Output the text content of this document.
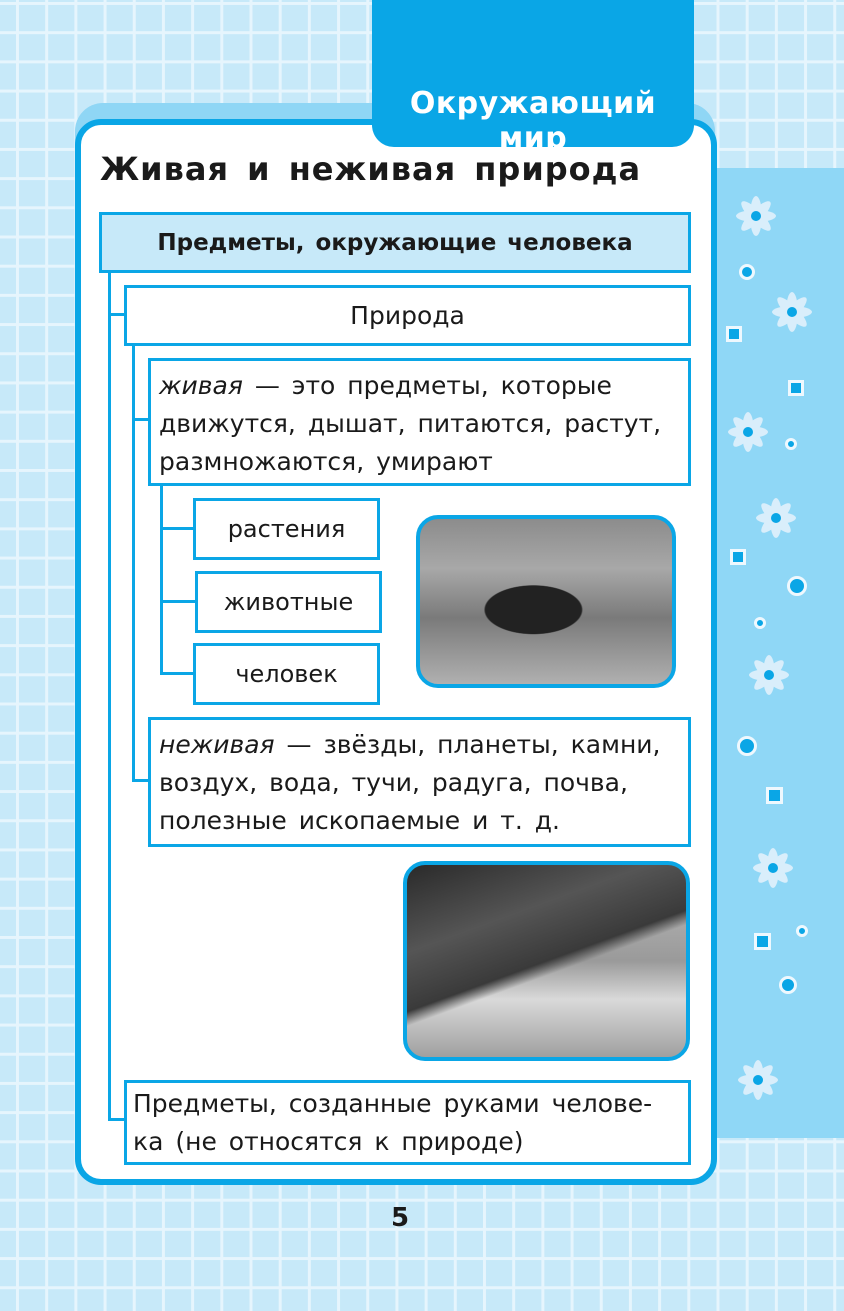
Окружающий мир
Живая и неживая природа
Предметы, окружающие человека
Природа
живая — это предметы, которые движутся, дышат, питаются, растут, размножаются, умирают
растения
животные
человек
неживая — звёзды, планеты, камни, воздух, вода, тучи, радуга, почва, полезные ископаемые и т. д.
Предметы, созданные руками челове-ка (не относятся к природе)
5
